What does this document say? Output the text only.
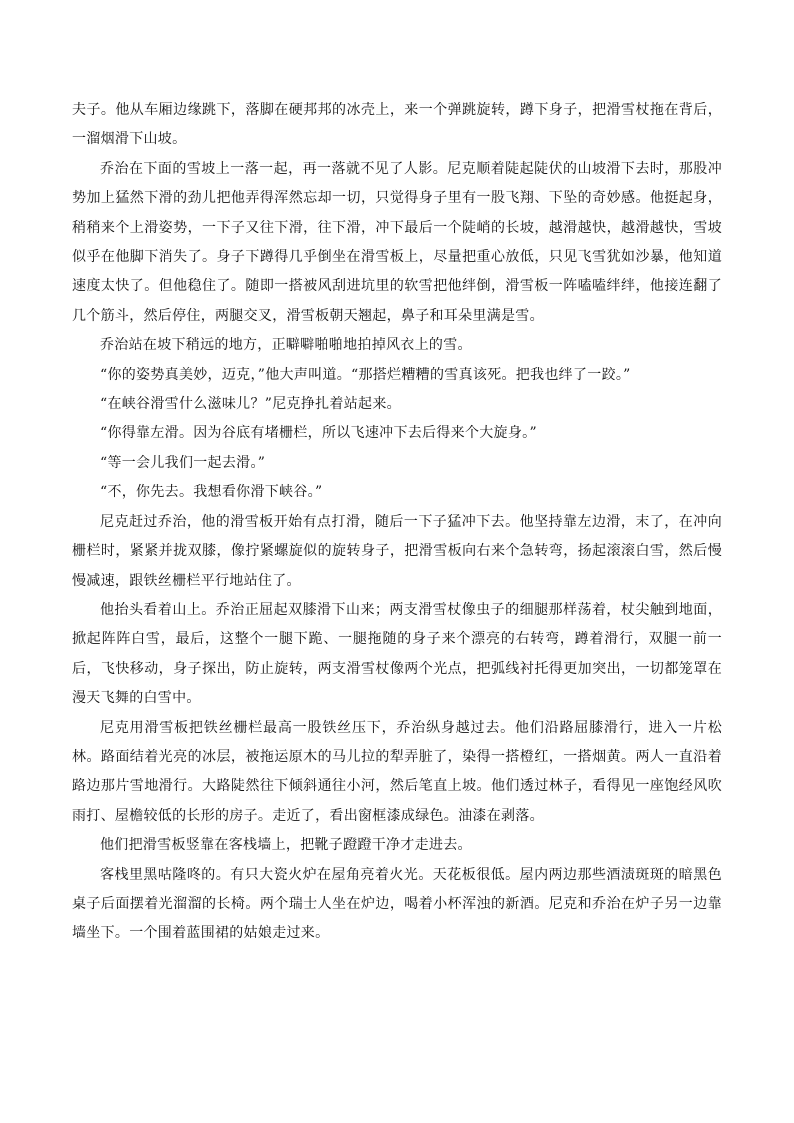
夫子。他从车厢边缘跳下，落脚在硬邦邦的冰壳上，来一个弹跳旋转，蹲下身子，把滑雪杖拖在背后，一溜烟滑下山坡。

乔治在下面的雪坡上一落一起，再一落就不见了人影。尼克顺着陡起陡伏的山坡滑下去时，那股冲势加上猛然下滑的劲儿把他弄得浑然忘却一切，只觉得身子里有一股飞翔、下坠的奇妙感。他挺起身，稍稍来个上滑姿势，一下子又往下滑，往下滑，冲下最后一个陡峭的长坡，越滑越快，越滑越快，雪坡似乎在他脚下消失了。身子下蹲得几乎倒坐在滑雪板上，尽量把重心放低，只见飞雪犹如沙暴，他知道速度太快了。但他稳住了。随即一搭被风刮进坑里的软雪把他绊倒，滑雪板一阵嗑嗑绊绊，他接连翻了几个筋斗，然后停住，两腿交叉，滑雪板朝天翘起，鼻子和耳朵里满是雪。

乔治站在坡下稍远的地方，正噼噼啪啪地拍掉风衣上的雪。

“你的姿势真美妙，迈克，”他大声叫道。“那搭烂糟糟的雪真该死。把我也绊了一跤。”

“在峡谷滑雪什么滋味儿？”尼克挣扎着站起来。

“你得靠左滑。因为谷底有堵栅栏，所以飞速冲下去后得来个大旋身。”

“等一会儿我们一起去滑。”

“不，你先去。我想看你滑下峡谷。”

尼克赶过乔治，他的滑雪板开始有点打滑，随后一下子猛冲下去。他坚持靠左边滑，末了，在冲向栅栏时，紧紧并拢双膝，像拧紧螺旋似的旋转身子，把滑雪板向右来个急转弯，扬起滚滚白雪，然后慢慢减速，跟铁丝栅栏平行地站住了。

他抬头看着山上。乔治正屈起双膝滑下山来；两支滑雪杖像虫子的细腿那样荡着，杖尖触到地面，掀起阵阵白雪，最后，这整个一腿下跪、一腿拖随的身子来个漂亮的右转弯，蹲着滑行，双腿一前一后，飞快移动，身子探出，防止旋转，两支滑雪杖像两个光点，把弧线衬托得更加突出，一切都笼罩在漫天飞舞的白雪中。

尼克用滑雪板把铁丝栅栏最高一股铁丝压下，乔治纵身越过去。他们沿路屈膝滑行，进入一片松林。路面结着光亮的冰层，被拖运原木的马儿拉的犁弄脏了，染得一搭橙红，一搭烟黄。两人一直沿着路边那片雪地滑行。大路陡然往下倾斜通往小河，然后笔直上坡。他们透过林子，看得见一座饱经风吹雨打、屋檐较低的长形的房子。走近了，看出窗框漆成绿色。油漆在剥落。

他们把滑雪板竖靠在客栈墙上，把靴子蹬蹬干净才走进去。

客栈里黑咕隆咚的。有只大瓷火炉在屋角亮着火光。天花板很低。屋内两边那些酒渍斑斑的暗黑色桌子后面摆着光溜溜的长椅。两个瑞士人坐在炉边，喝着小杯浑浊的新酒。尼克和乔治在炉子另一边靠墙坐下。一个围着蓝围裙的姑娘走过来。
